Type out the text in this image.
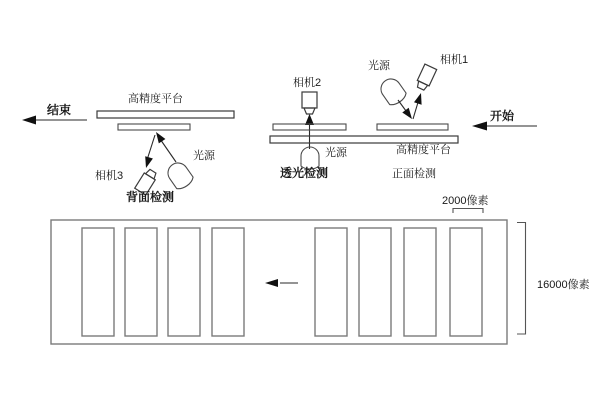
高精度平台
相机3
光源
背面检测
结束
相机2
光源
透光检测
光源	相机1
高精度平台
正面检测
开始
2000像素
16000像素
